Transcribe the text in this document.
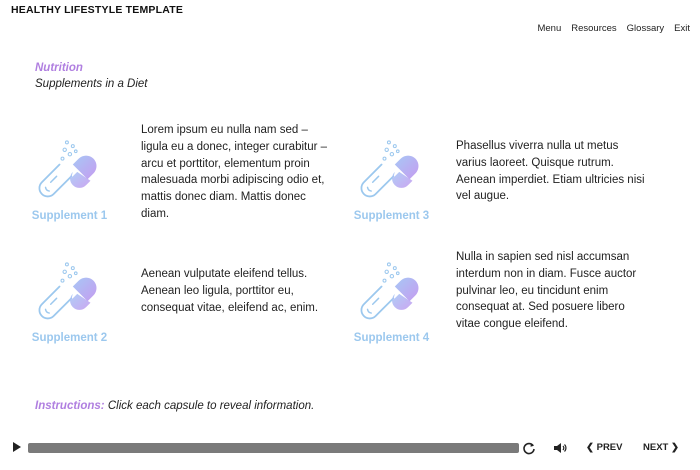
HEALTHY LIFESTYLE TEMPLATE
Menu Resources Glossary Exit
Nutrition
Supplements in a Diet
Supplement 1
Lorem ipsum eu nulla nam sed – ligula eu a donec, integer curabitur – arcu et porttitor, elementum proin malesuada morbi adipiscing odio et, mattis donec diam. Mattis donec diam.
Supplement 2
Aenean vulputate eleifend tellus. Aenean leo ligula, porttitor eu, consequat vitae, eleifend ac, enim.
Supplement 3
Phasellus viverra nulla ut metus varius laoreet. Quisque rutrum. Aenean imperdiet. Etiam ultricies nisi vel augue.
Supplement 4
Nulla in sapien sed nisl accumsan interdum non in diam. Fusce auctor pulvinar leo, eu tincidunt enim consequat at. Sed posuere libero vitae congue eleifend.
Instructions: Click each capsule to reveal information.
❮ PREV NEXT ❯
